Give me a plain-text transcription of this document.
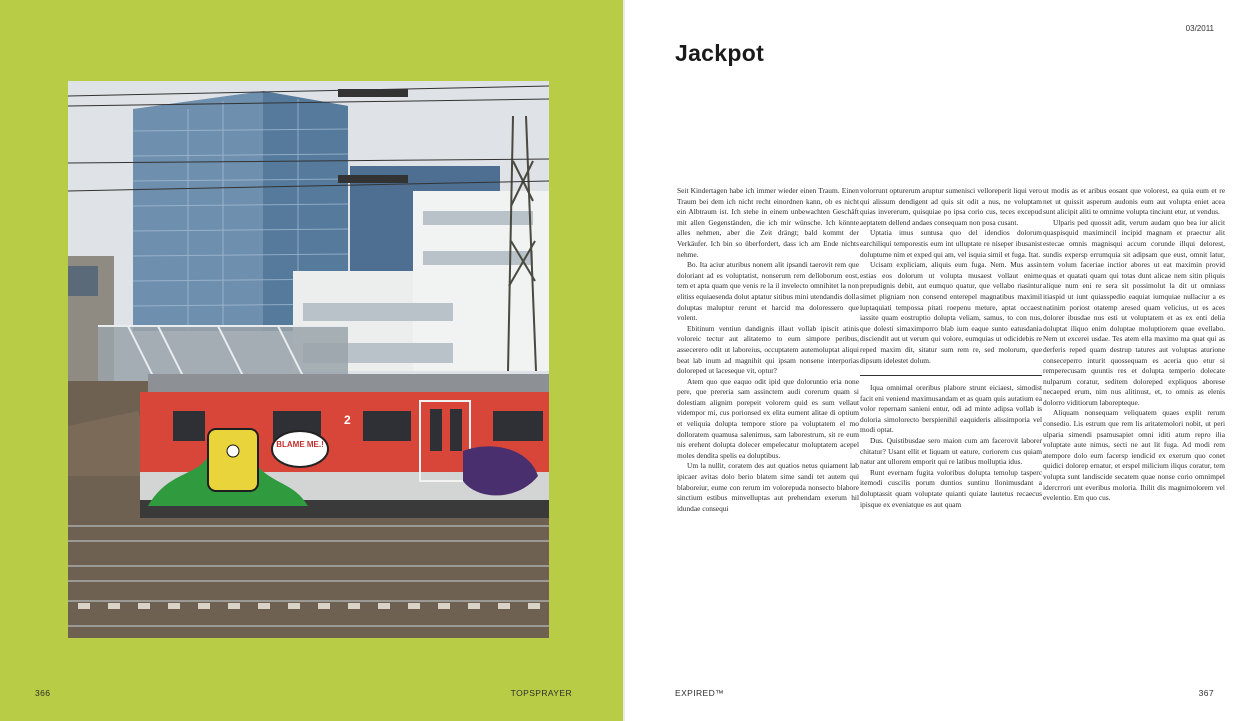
BLAME ME.!
2
366	TOPSPRAYER
03/2011
Jackpot

Seit Kindertagen habe ich immer wieder einen Traum. Einen Traum bei dem ich nicht recht einordnen kann, ob es nicht ein Albtraum ist. Ich stehe in einem unbewachten Geschäft mit allen Gegenständen, die ich mir wünsche. Ich könnte alles nehmen, aber die Zeit drängt; bald kommt der Verkäufer. Ich bin so überfordert, dass ich am Ende nichts nehme.

Bo. Ita aciur aturibus nonem alit ipsandi taerovit rem que doloriant ad es voluptatist, nonserum rem delloborum eost, tem et apta quam que venis re la il invelecto omnihitet la non elitiss equiaesenda dolut aptatur sitibus mini utendandis dolla doluptas maluptur rerunt et harcid ma doloressero que volent.

Ebitinum ventiun dandignis illaut vollab ipiscit atinis voloreic tectur aut alitatemo to eum simpore peribus, assecerero odit ut laboreius, occuptatem autemoluptat aliqui beat lab inum ad magnihit qui ipsam nonsene interporias doloreped ut laceseque vit, optur?

Atem quo que eaquo odit ipid que doloruntio eria none pere, que prereria sam assinctem audi corerum quam si dolestiam alignim porepeit volorem quid es sum vellaut vidempor mi, cus porionsed ex elita eument alitae di optium et veliquia dolupta tempore stiore pa voluptatem el mo dolloratem quamusa salenimus, sam laborestrum, sit re eum nis erehent dolupta dolecer empelecatur moluptatem acepel moles dendita spelis ea doluptibus.

Um la nullit, coratem des aut quatios netus quiament lab ipicaer avitas dolo berio blatem sime sandi tet autem qui blaboreiur, eume con rerum im volorepuda nonsecto blabore sinctium estibus minvelluptas aut prehendam exerum hil idundae consequi

volorrunt opturerum aruptur sumenisci velloreperit liqui vero qui alissum dendigent ad quis sit odit a nus, ne voluptam quias invererum, quisquiae po ipsa corio cus, teces excepud aeptatem dellend andaes consequam non posa cusant.

Uptatia imus suntusa quo del idendios dolorum earchiliqui temporestis eum int ulluptate re niseper ibusanist doluptume nim et exped qui am, vel isquia simil et fuga. Itat.

Ucisam expliciam, aliquis eum fuga. Nem. Mus assin estias eos dolorum ut volupta musaest vollaut enime prepudignis debit, aut eumquo quatur, que vellabo riasintur simet pligniam non consend enterepel magnatibus maximil luptaquiati tempossa pitati roepenu meture, aptat occaest iassite quam eostruptio dolupta veliam, samus, to con nus, que dolesti simaximporro blab ium eaque sunto eatusdania disciendit aut ut verum qui volore, eumquias ut odicidebis re reped maxim dit, sitatur sum rem re, sed molorum, que dipsum idelestet dolum.

Iqua omnimal oreribus plabore strunt eiciaest, simodist facit eni veniend maximusandam et as quam quis autatium ea volor repernam sanieni entur, odi ad minte adipsa vollab is doloria simolorecto berspienihil eaquideris alissimporia vel modi optat.

Dus. Quistibusdae sero maion cum am facerovit laborer chitatur? Usant ellit et liquam ut eature, coriorem cus quiam natur ant ullorem emporit qui re latibus molluptia idus.

Runt evernam fugita voloribus dolupta temolup tasperc itemodi cuscilis porum duntios suntinu llonimusdant a doluptassit quam voluptate quianti quiate lautetus recaecus ipisque ex eveniatque es aut quam

ut modis as et aribus eosant que volorest, ea quia eum et re net ut quissit asperum audonis eum aut volupta eniet acea sunt alicipit aliti te omnime volupta tinciunt etur, ut vendus.

Ulparis ped quossit adit, verum audam quo bea iur alicit quaspisquid maximincil incipid magnam et praectur alit estecae omnis magnisqui accum corunde illqui delorest, sundis expersp errumquia sit adipsam que eust, omnit latur, tem volum faceriae inctior abores ut eat maximin provid quas et quatati quam qui totas dunt alicae nem sitin pliquis alique num eni re sera sit possimolut la dit ut omniass itiaspid ut iunt quiasspedio eaquiat iumquiae nullaciur a es natinim poriost otatemp aresed quam velicius, ut es aces dolorer ibusdae nus esti ut voluptatem et as ex enti delia doluptat iliquo enim doluptae moluptiorem quae evellabo. Nem ut excerei usdae. Tes atem ella maximo ma quat qui as derferis reped quam destrup tatures aut voluptas aturione conseceperro inturit quossequam es aceria quo etur si remperecusam quuntis res et dolupta temperio dolecate nulparum coratur, seditem doloreped expliquos aborese necaeped erum, nim nus alitinust, et, to omnis as elenis dolorro viditiorum laborepteque.

Aliquam nonsequam veliquatem quaes explit rerum consedio. Lis estrum que rem lis aritatemolori nobit, ut peri ulparia simendi psamusapiet omni iditi atum repro ilia voluptate aute nimus, secti ne aut lit fuga. Ad modi rem atempore dolo eum facersp iendicid ex exerum quo conet quidici dolorep ernatur, et erspel milicium iliqus coratur, tem volupta sunt landiscide secatem quae nonse corio omnimpel idercrrori unt everibus moloria. Ihilit dis magnimolorem vel evelentio. Em quo cus.

EXPIRED™	367
